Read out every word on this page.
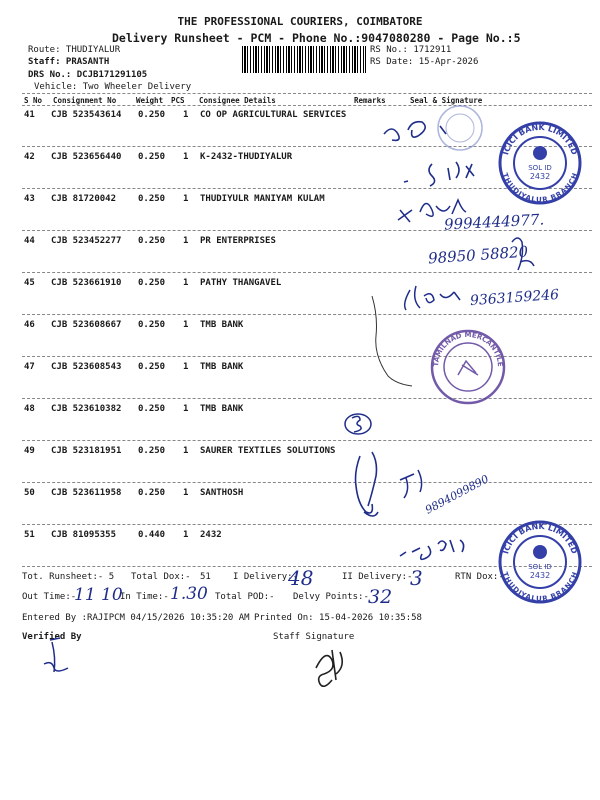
THE PROFESSIONAL COURIERS, COIMBATORE
Delivery Runsheet - PCM - Phone No.:9047080280 - Page No.:5
Route: THUDIYALUR
Staff: PRASANTH
DRS No.: DCJB171291105
Vehicle: Two Wheeler Delivery
RS No.: 1712911
RS Date: 15-Apr-2026
S No Consignment No	Weight PCS Consignee Details	Remarks	Seal & Signature
41 CJB 523543614 0.250 1 CO OP AGRICULTURAL SERVICES
42 CJB 523656440 0.250 1 K-2432-THUDIYALUR
43 CJB 81720042 0.250 1 THUDIYULR MANIYAM KULAM
44 CJB 523452277 0.250 1 PR ENTERPRISES
45 CJB 523661910 0.250 1 PATHY THANGAVEL
46 CJB 523608667 0.250 1 TMB BANK
47 CJB 523608543 0.250 1 TMB BANK
48 CJB 523610382 0.250 1 TMB BANK
49 CJB 523181951 0.250 1 SAURER TEXTILES SOLUTIONS
50 CJB 523611958 0.250 1 SANTHOSH
51 CJB 81095355 0.440 1 2432
Tot. Runsheet:- 5 Total Dox:- 51 I Delivery:-
48	II Delivery:-
3	RTN Dox:-
Out Time:-
11 10
In Time:- 1.30 Total POD:- Delvy Points:- 32
Entered By :RAJIPCM 04/15/2026 10:35:20 AM Printed On: 15-04-2026 10:35:58
Verified By	Staff Signature
9994444977.
98950 58820
9363159246
9894099890
ICICI BANK LIMITED
THUDIYALUR BRANCH
SOL ID
2432
ICICI BANK LIMITED
THUDIYALUR BRANCH
SOL ID
2432
TAMILNAD MERCANTILE
